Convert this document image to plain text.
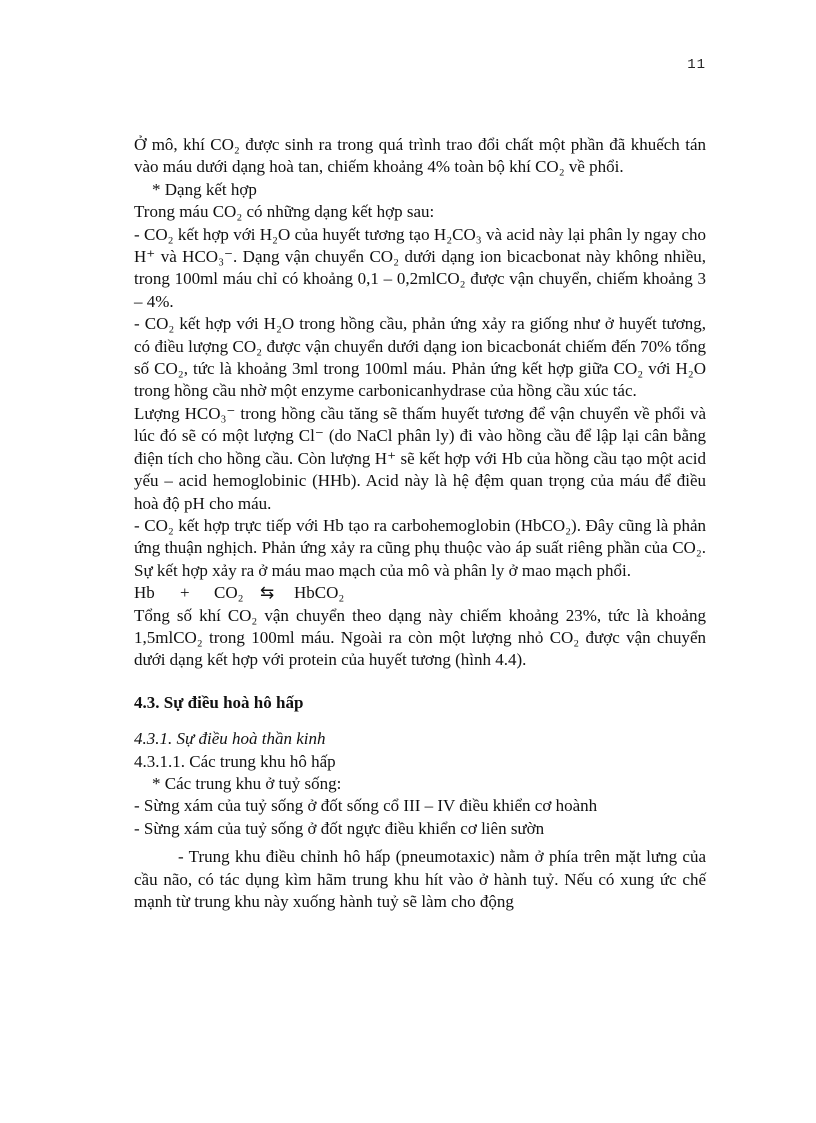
11

Ở mô, khí CO₂ được sinh ra trong quá trình trao đổi chất một phần đã khuếch tán vào máu dưới dạng hoà tan, chiếm khoảng 4% toàn bộ khí CO₂ về phổi.

* Dạng kết hợp

Trong máu CO₂ có những dạng kết hợp sau:

- CO₂ kết hợp với H₂O của huyết tương tạo H₂CO₃ và acid này lại phân ly ngay cho H⁺ và HCO₃⁻. Dạng vận chuyển CO₂ dưới dạng ion bicacbonat này không nhiều, trong 100ml máu chỉ có khoảng 0,1 – 0,2mlCO₂ được vận chuyển, chiếm khoảng 3 – 4%.

- CO₂ kết hợp với H₂O trong hồng cầu, phản ứng xảy ra giống như ở huyết tương, có điều lượng CO₂ được vận chuyển dưới dạng ion bicacbonát chiếm đến 70% tổng số CO₂, tức là khoảng 3ml trong 100ml máu. Phản ứng kết hợp giữa CO₂ với H₂O trong hồng cầu nhờ một enzyme carbonicanhydrase của hồng cầu xúc tác.

Lượng HCO₃⁻ trong hồng cầu tăng sẽ thấm huyết tương để vận chuyển về phổi và lúc đó sẽ có một lượng Cl⁻ (do NaCl phân ly) đi vào hồng cầu để lập lại cân bằng điện tích cho hồng cầu. Còn lượng H⁺ sẽ kết hợp với Hb của hồng cầu tạo một acid yếu – acid hemoglobinic (HHb). Acid này là hệ đệm quan trọng của máu để điều hoà độ pH cho máu.

- CO₂ kết hợp trực tiếp với Hb tạo ra carbohemoglobin (HbCO₂). Đây cũng là phản ứng thuận nghịch. Phản ứng xảy ra cũng phụ thuộc vào áp suất riêng phần của CO₂. Sự kết hợp xảy ra ở máu mao mạch của mô và phân ly ở mao mạch phổi.

Hb + CO₂ ⇆ HbCO₂

Tổng số khí CO₂ vận chuyển theo dạng này chiếm khoảng 23%, tức là khoảng 1,5mlCO₂ trong 100ml máu. Ngoài ra còn một lượng nhỏ CO₂ được vận chuyển dưới dạng kết hợp với protein của huyết tương (hình 4.4).

4.3. Sự điều hoà hô hấp

4.3.1. Sự điều hoà thần kinh

4.3.1.1. Các trung khu hô hấp

* Các trung khu ở tuỷ sống:

- Sừng xám của tuỷ sống ở đốt sống cổ III – IV điều khiển cơ hoành

- Sừng xám của tuỷ sống ở đốt ngực điều khiển cơ liên sườn

- Trung khu điều chỉnh hô hấp (pneumotaxic) nằm ở phía trên mặt lưng của cầu não, có tác dụng kìm hãm trung khu hít vào ở hành tuỷ. Nếu có xung ức chế mạnh từ trung khu này xuống hành tuỷ sẽ làm cho động
